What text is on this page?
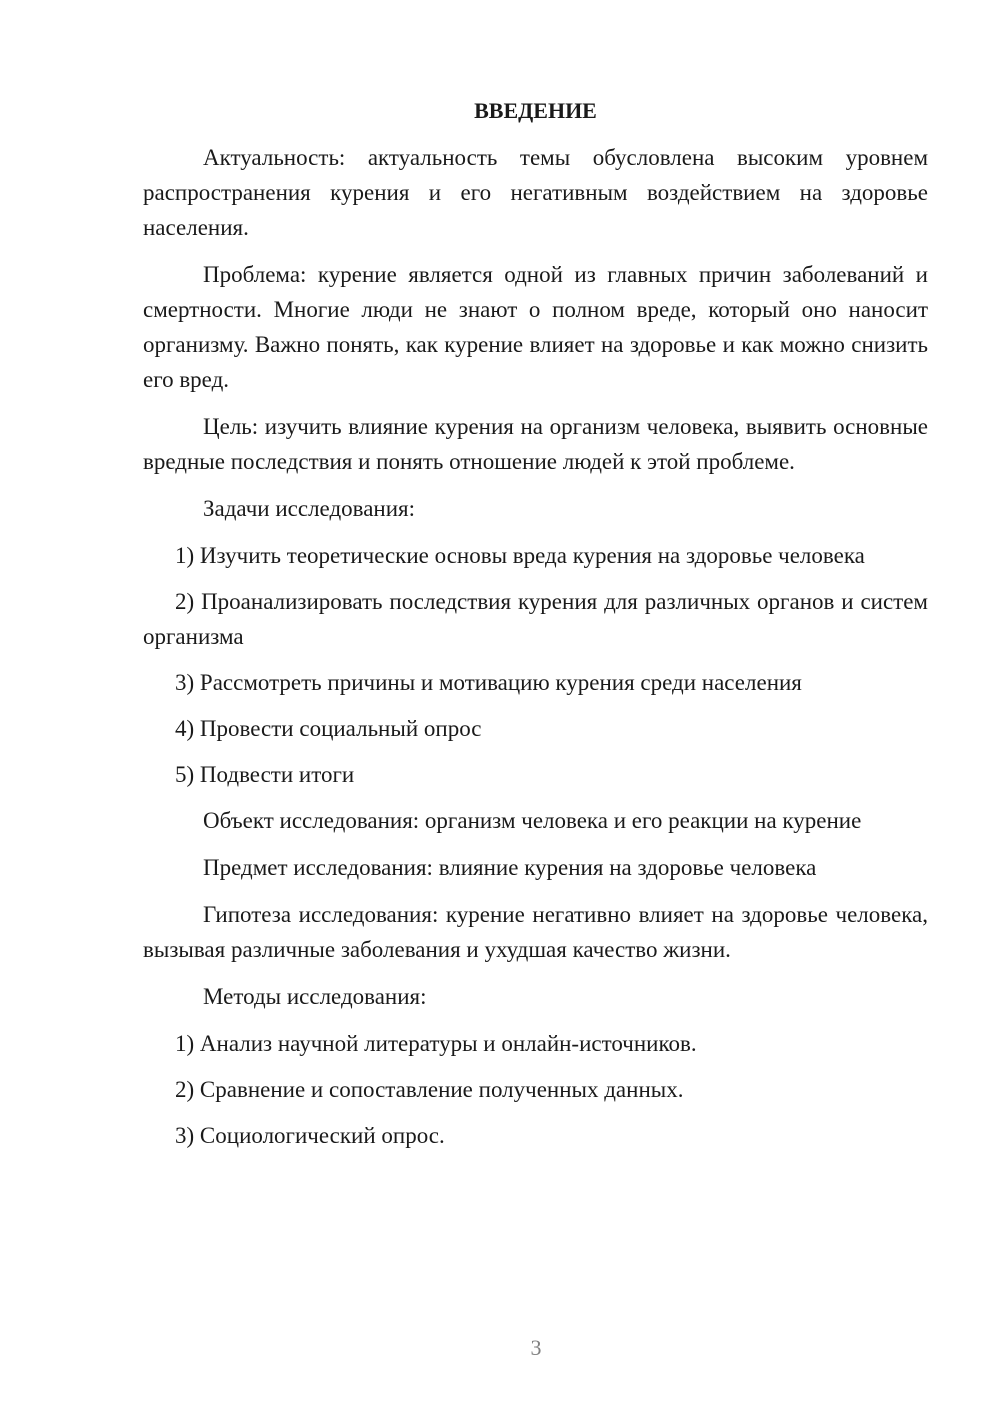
ВВЕДЕНИЕ

Актуальность: актуальность темы обусловлена высоким уровнем распространения курения и его негативным воздействием на здоровье населения.

Проблема: курение является одной из главных причин заболеваний и смертности. Многие люди не знают о полном вреде, который оно наносит организму. Важно понять, как курение влияет на здоровье и как можно снизить его вред.

Цель: изучить влияние курения на организм человека, выявить основные вредные последствия и понять отношение людей к этой проблеме.

Задачи исследования:

1) Изучить теоретические основы вреда курения на здоровье человека

2) Проанализировать последствия курения для различных органов и систем организма

3) Рассмотреть причины и мотивацию курения среди населения

4) Провести социальный опрос

5) Подвести итоги

Объект исследования: организм человека и его реакции на курение

Предмет исследования: влияние курения на здоровье человека

Гипотеза исследования: курение негативно влияет на здоровье человека, вызывая различные заболевания и ухудшая качество жизни.

Методы исследования:

1) Анализ научной литературы и онлайн-источников.

2) Сравнение и сопоставление полученных данных.

3) Социологический опрос.

3
